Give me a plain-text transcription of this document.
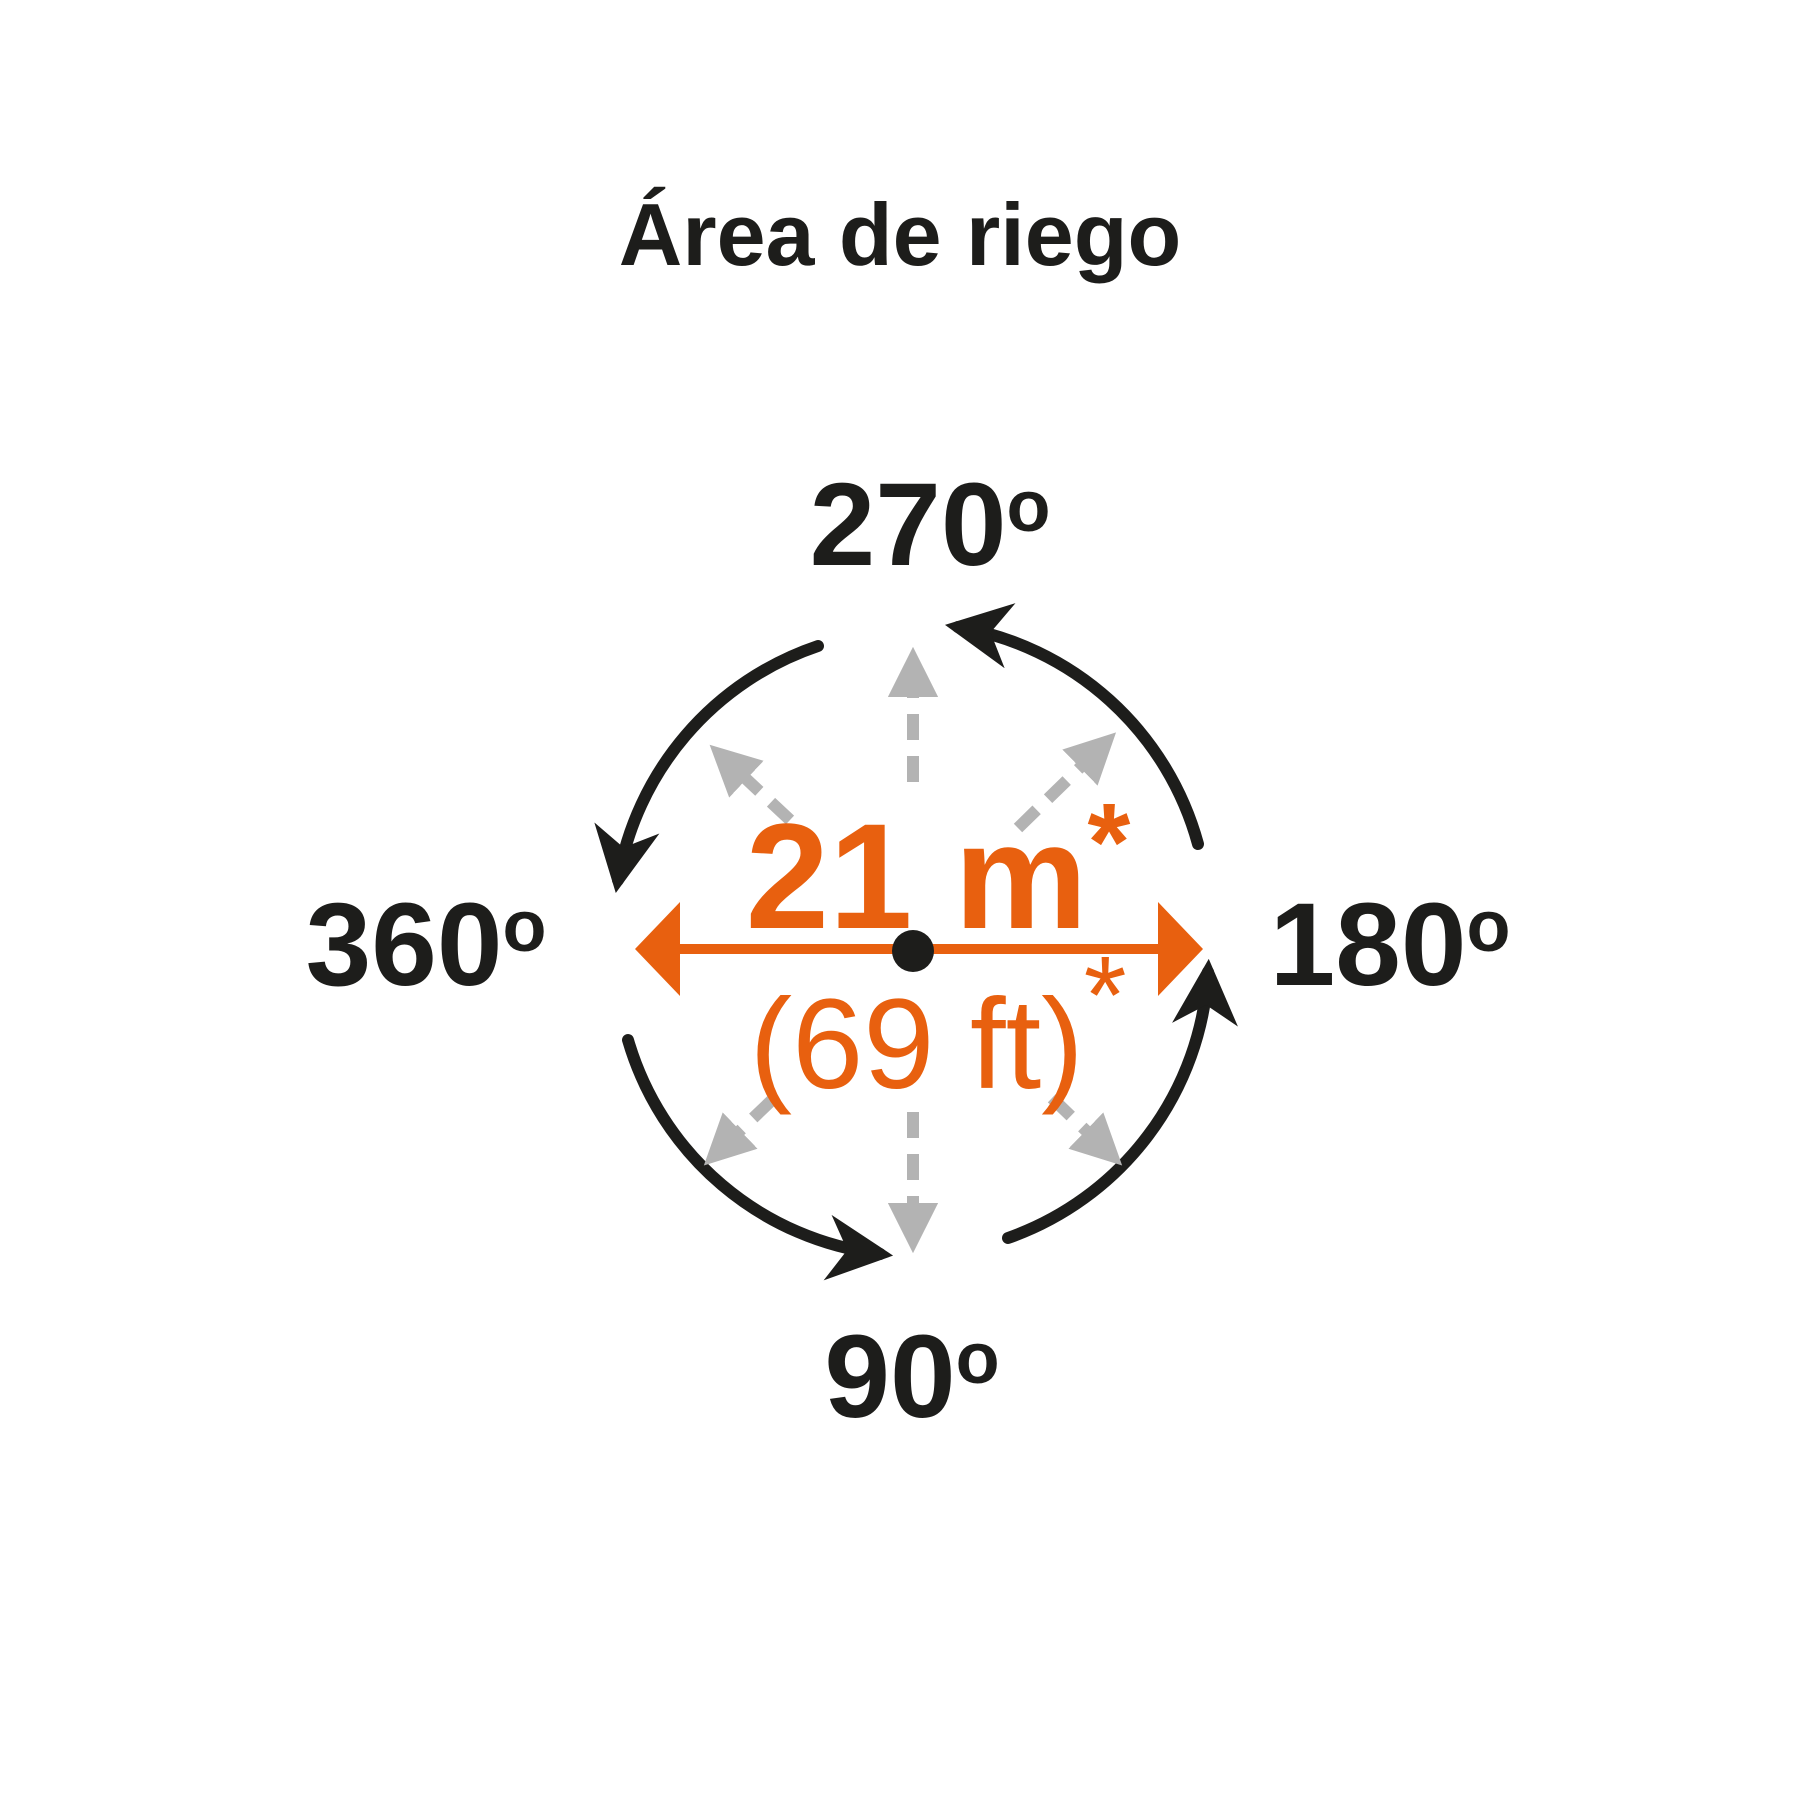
Área de riego
21 m*
(69 ft)*
270$^o$
360$^o$	180$^o$
90$^o$
